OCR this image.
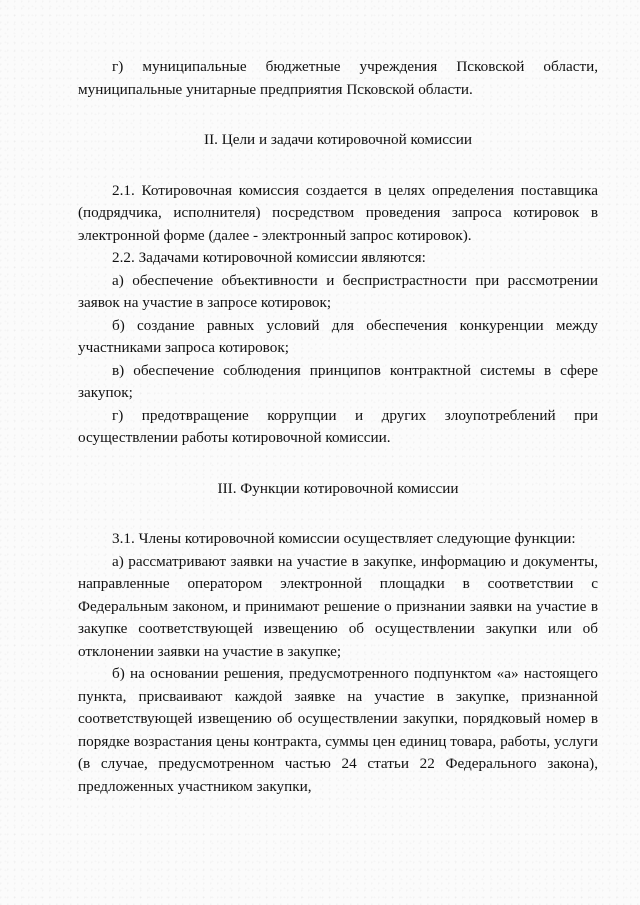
г) муниципальные бюджетные учреждения Псковской области, муниципальные унитарные предприятия Псковской области.

II. Цели и задачи котировочной комиссии

2.1. Котировочная комиссия создается в целях определения поставщика (подрядчика, исполнителя) посредством проведения запроса котировок в электронной форме (далее - электронный запрос котировок).

2.2. Задачами котировочной комиссии являются:

а) обеспечение объективности и беспристрастности при рассмотрении заявок на участие в запросе котировок;

б) создание равных условий для обеспечения конкуренции между участниками запроса котировок;

в) обеспечение соблюдения принципов контрактной системы в сфере закупок;

г) предотвращение коррупции и других злоупотреблений при осуществлении работы котировочной комиссии.

III. Функции котировочной комиссии

3.1. Члены котировочной комиссии осуществляет следующие функции:

а) рассматривают заявки на участие в закупке, информацию и документы, направленные оператором электронной площадки в соответствии с Федеральным законом, и принимают решение о признании заявки на участие в закупке соответствующей извещению об осуществлении закупки или об отклонении заявки на участие в закупке;

б) на основании решения, предусмотренного подпунктом «а» настоящего пункта, присваивают каждой заявке на участие в закупке, признанной соответствующей извещению об осуществлении закупки, порядковый номер в порядке возрастания цены контракта, суммы цен единиц товара, работы, услуги (в случае, предусмотренном частью 24 статьи 22 Федерального закона), предложенных участником закупки,
